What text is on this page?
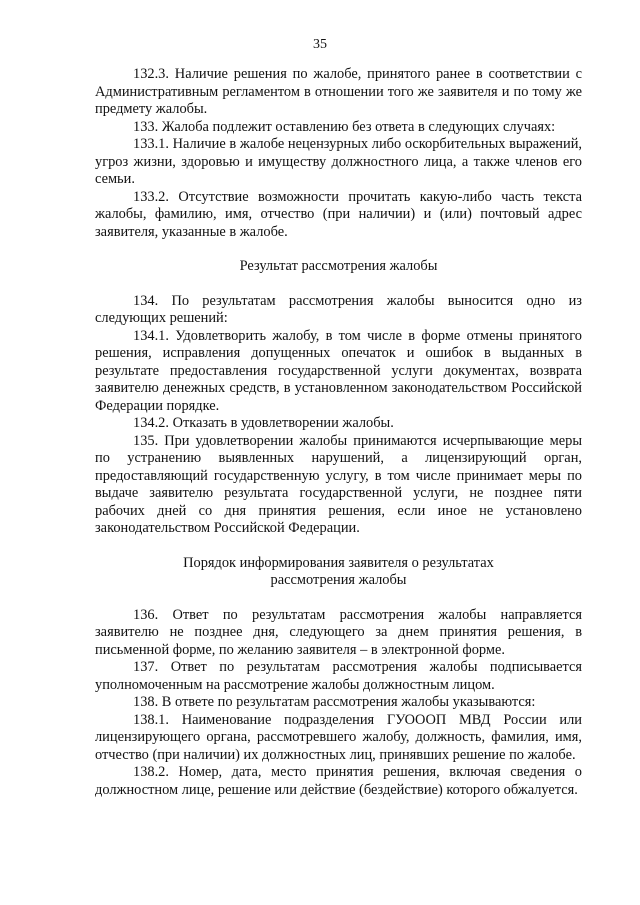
35

132.3. Наличие решения по жалобе, принятого ранее в соответствии с Административным регламентом в отношении того же заявителя и по тому же предмету жалобы.

133. Жалоба подлежит оставлению без ответа в следующих случаях:

133.1. Наличие в жалобе нецензурных либо оскорбительных выражений, угроз жизни, здоровью и имуществу должностного лица, а также членов его семьи.

133.2. Отсутствие возможности прочитать какую-либо часть текста жалобы, фамилию, имя, отчество (при наличии) и (или) почтовый адрес заявителя, указанные в жалобе.

Результат рассмотрения жалобы

134. По результатам рассмотрения жалобы выносится одно из следующих решений:

134.1. Удовлетворить жалобу, в том числе в форме отмены принятого решения, исправления допущенных опечаток и ошибок в выданных в результате предоставления государственной услуги документах, возврата заявителю денежных средств, в установленном законодательством Российской Федерации порядке.

134.2. Отказать в удовлетворении жалобы.

135. При удовлетворении жалобы принимаются исчерпывающие меры по устранению выявленных нарушений, а лицензирующий орган, предоставляющий государственную услугу, в том числе принимает меры по выдаче заявителю результата государственной услуги, не позднее пяти рабочих дней со дня принятия решения, если иное не установлено законодательством Российской Федерации.

Порядок информирования заявителя о результатах
рассмотрения жалобы

136. Ответ по результатам рассмотрения жалобы направляется заявителю не позднее дня, следующего за днем принятия решения, в письменной форме, по желанию заявителя – в электронной форме.

137. Ответ по результатам рассмотрения жалобы подписывается уполномоченным на рассмотрение жалобы должностным лицом.

138. В ответе по результатам рассмотрения жалобы указываются:

138.1. Наименование подразделения ГУОООП МВД России или лицензирующего органа, рассмотревшего жалобу, должность, фамилия, имя, отчество (при наличии) их должностных лиц, принявших решение по жалобе.

138.2. Номер, дата, место принятия решения, включая сведения о должностном лице, решение или действие (бездействие) которого обжалуется.
